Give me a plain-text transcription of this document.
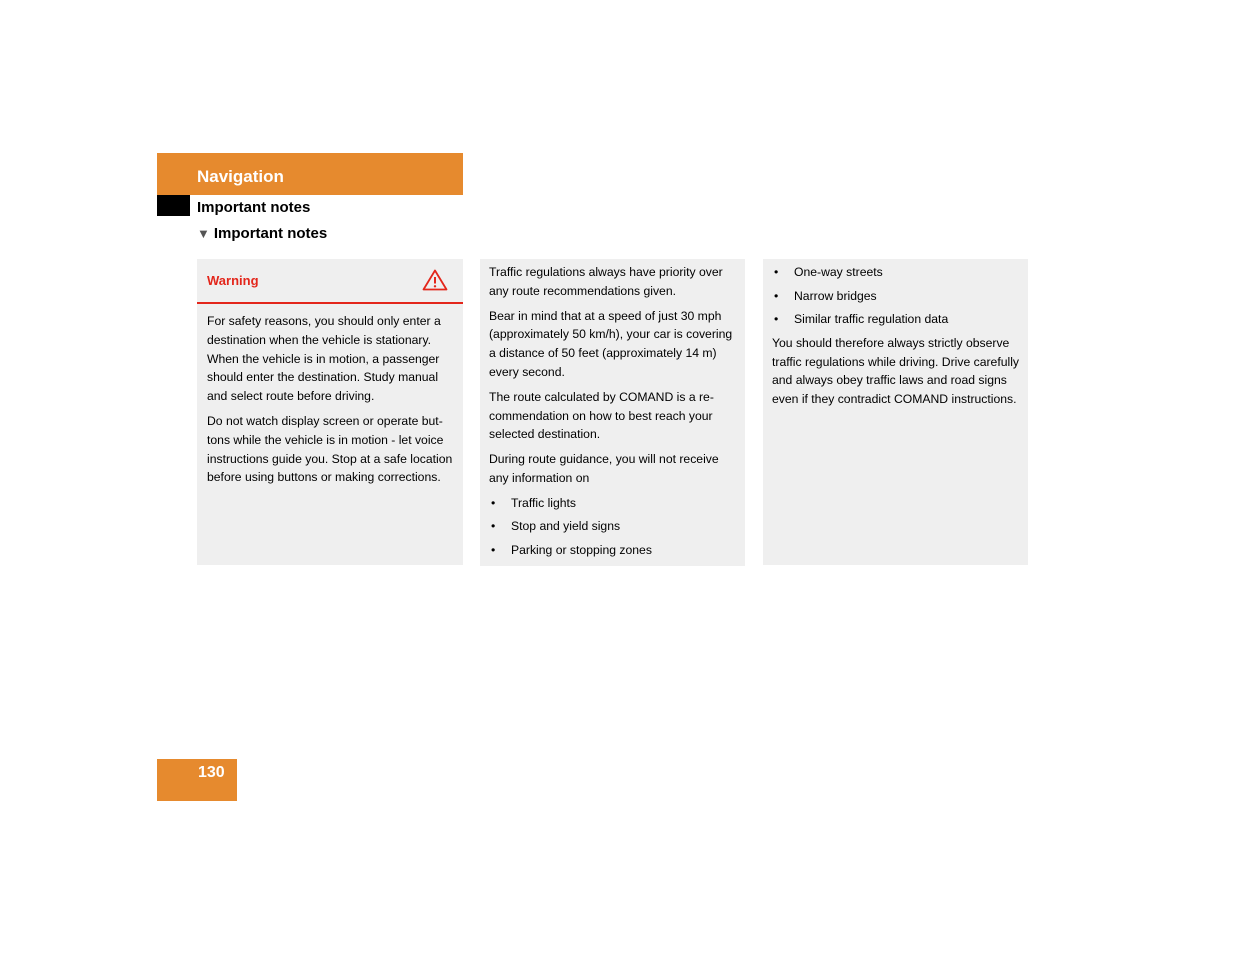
Navigation
Important notes
▼ Important notes
Warning

For safety reasons, you should only enter a destination when the vehicle is stationary. When the vehicle is in motion, a passenger should enter the destination. Study manual and select route before driving.

Do not watch display screen or operate buttons while the vehicle is in motion - let voice instructions guide you. Stop at a safe location before using buttons or making corrections.

Traffic regulations always have priority over any route recommendations given.

Bear in mind that at a speed of just 30 mph (approximately 50 km/h), your car is covering a distance of 50 feet (approximately 14 m) every second.

The route calculated by COMAND is a recommendation on how to best reach your selected destination.

During route guidance, you will not receive any information on

• Traffic lights
• Stop and yield signs
• Parking or stopping zones
• One-way streets
• Narrow bridges
• Similar traffic regulation data

You should therefore always strictly observe traffic regulations while driving. Drive carefully and always obey traffic laws and road signs even if they contradict COMAND instructions.

130
